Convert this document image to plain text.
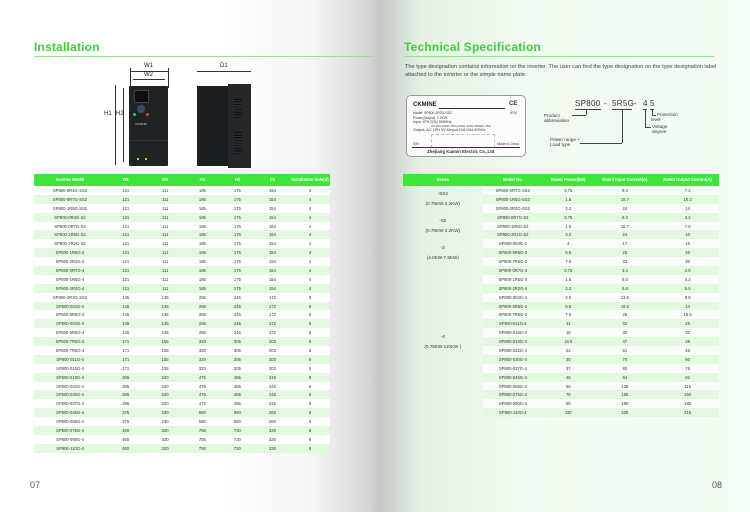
Installation
W1
W2
H1 H2
CKMINE
D1
Inverter Model	W1	W2	H1	H2	D1	Installation hole(d)
SP800-0R4G-SS2	121	111	185	175	154	4
SP800-0R7G-SS2	121	111	185	175	154	4
SP800-1R5G-SS2	121	111	185	175	154	4
SP800-0R4G-S2	121	111	185	175	154	4
SP800-0R7G-S2	121	111	185	175	154	4
SP800-1R5G-S2	121	111	185	175	154	4
SP800-2R2G-S2	121	111	185	175	154	4
SP800-1R5G-2	121	111	185	175	154	4
SP800-2R2G-2	121	111	185	175	154	4
SP800-0R7G-4	121	111	185	175	154	4
SP800-1R5G-4	121	111	185	175	154	4
SP800-2R2G-4	121	111	185	175	154	4
SP800-2R2G-SS2	145	135	255	245	172	5
SP800-004G-2	145	135	255	245	172	5
SP800-5R5G-2	145	135	255	245	172	5
SP800-004G-4	145	135	255	245	172	5
SP800-5R5G-4	145	135	255	245	172	5
SP800-7R5G-2	171	155	320	305	203	5
SP800-7R5G-4	171	155	320	305	203	5
SP800-011G-4	171	155	320	305	203	5
SP800-015G-4	171	155	320	305	203	5
SP800-018G-4	295	220	475	455	245	6
SP800-022G-4	295	220	475	455	245	6
SP800-030G-4	295	220	475	455	245	6
SP800-037G-4	295	220	475	455	245	6
SP800-045G-4	375	230	580	560	265	6
SP800-055G-4	375	230	580	560	265	6
SP800-075G-4	460	320	755	730	330	8
SP800-090G-4	460	320	755	730	330	8
SP800-110G-4	460	320	755	730	330	8
07
Technical Specification
The type designation contains information on the inverter. The user can find the type designation on the type designation label attached to the inverter or the simple name plate.
CKMINE	CE
Model: SP800-2R2G-SS2	IP20
Power(Output): 2.2KW
Input: 1PH 220V 50/60Hz
AC 1PH 220V(-15%)-240V(+10%) 50/60Hz ±5%
Output: AC 1PH 0V-Uinput 10A 0Hz-400Hz
S/N	Made in China
Zhejiang Kaimin Electric Co.,Ltd
SP800 - 5R5G - 4 5
Product abbreviation
Power range + Load type
Voltage degree
Protection level
Series	Model No.	Rated Power(kW)	Rated Input Current(A)	Rated Output Current(A)

-SS2
(0.75KW-2.2KW)	SP800-0R7G-SS2	0.75	9.3	7.2
	SP800-1R5G-SS2	1.5	15.7	10.2
	SP800-2R2G-SS2	2.2	24	14

-S2
(0.75KW-2.2KW)	SP800-0R7G-S2	0.75	9.3	4.2
	SP800-1R5G-S2	1.5	15.7	7.5
	SP800-2R2G-S2	2.2	24	10

-2
(4.0KW-7.5KW)	SP800-004G-2	4	17	16
	SP800-5R5G-2	5.5	25	20
	SP800-7R5G-2	7.5	33	30

-4
(0.75KW-110KW )	SP800-0R7G-4	0.75	3.4	2.5
	SP800-1R5G-4	1.5	5.0	4.2
	SP800-2R2G-4	2.2	5.8	5.5
	SP800-004G-4	4.0	13.5	9.5
	SP800-5R5G-4	5.5	19.5	14
	SP800-7R5G-4	7.5	25	18.5
	SP800-011G-4	11	32	25
	SP800-015G-4	15	40	32
	SP800-018G-4	18.5	47	38
	SP800-022G-4	22	51	45
	SP800-030G-4	30	70	60
	SP800-037G-4	37	80	75
	SP800-045G-4	45	94	92
	SP800-055G-4	55	128	115
	SP800-075G-4	75	160	150
	SP800-090G-4	90	190	180
	SP800-110G-4	110	225	215
08
